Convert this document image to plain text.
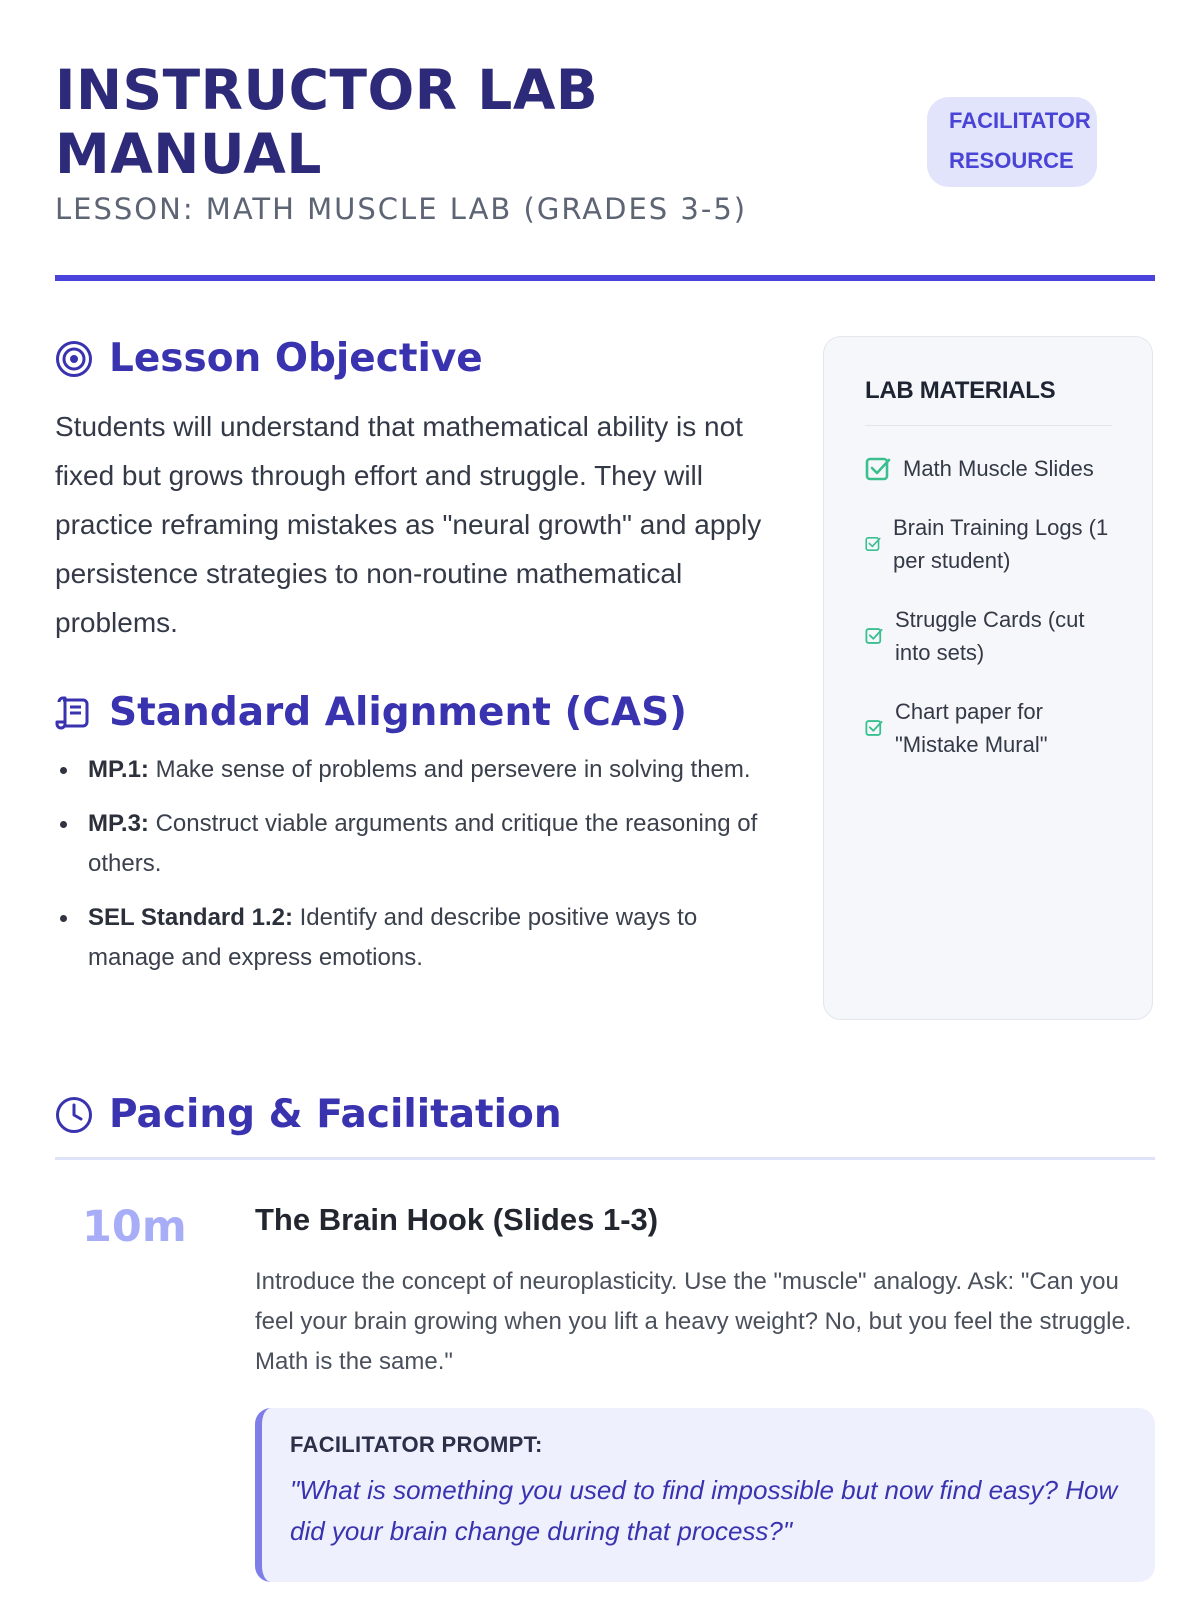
INSTRUCTOR LAB MANUAL
LESSON: MATH MUSCLE LAB (GRADES 3-5)
FACILITATOR RESOURCE
Lesson Objective

Students will understand that mathematical ability is not fixed but grows through effort and struggle. They will practice reframing mistakes as "neural growth" and apply persistence strategies to non-routine mathematical problems.

Standard Alignment (CAS)
MP.1: Make sense of problems and persevere in solving them.
MP.3: Construct viable arguments and critique the reasoning of others.
SEL Standard 1.2: Identify and describe positive ways to manage and express emotions.
LAB MATERIALS
Math Muscle Slides
Brain Training Logs (1 per student)
Struggle Cards (cut into sets)
Chart paper for "Mistake Mural"
Pacing & Facilitation
10m The Brain Hook (Slides 1-3)

Introduce the concept of neuroplasticity. Use the "muscle" analogy. Ask: "Can you feel your brain growing when you lift a heavy weight? No, but you feel the struggle. Math is the same."

FACILITATOR PROMPT:
"What is something you used to find impossible but now find easy? How did your brain change during that process?"
